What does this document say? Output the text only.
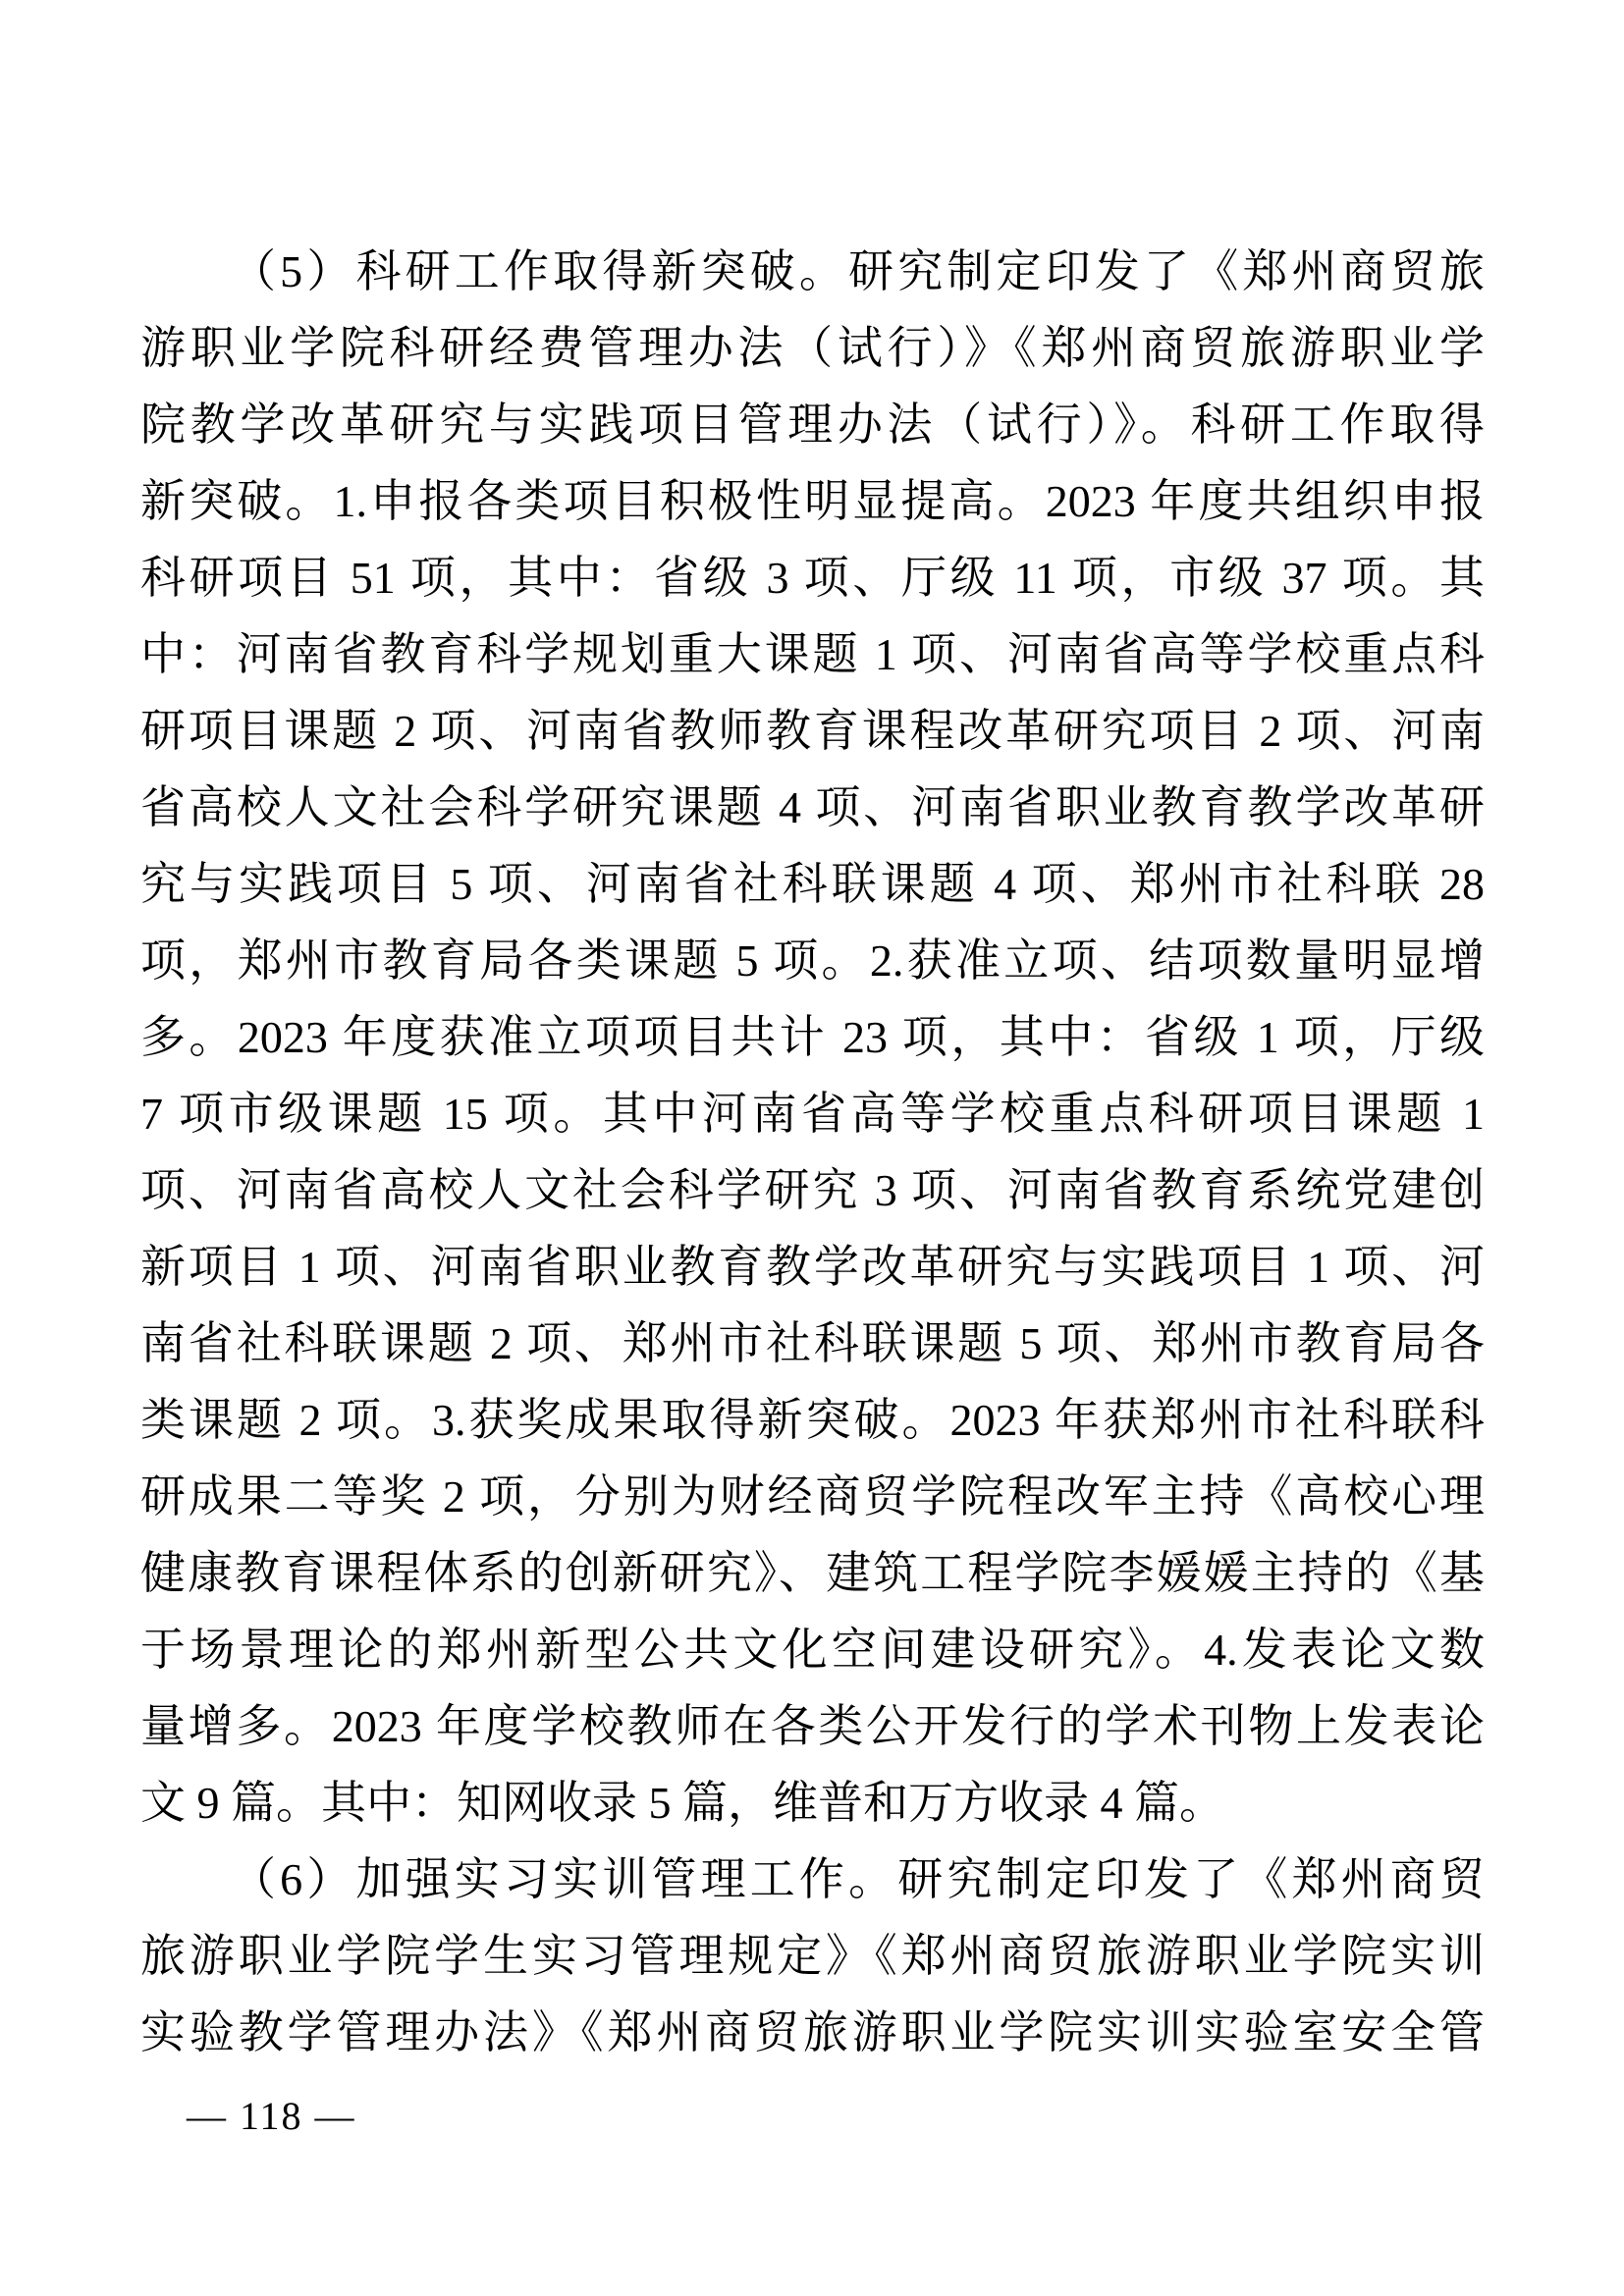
（5）科研工作取得新突破。研究制定印发了《郑州商贸旅

游职业学院科研经费管理办法（试行）》《郑州商贸旅游职业学

院教学改革研究与实践项目管理办法（试行）》。科研工作取得

新突破。1.申报各类项目积极性明显提高。2023 年度共组织申报

科研项目 51 项，其中：省级 3 项、厅级 11 项，市级 37 项。其

中：河南省教育科学规划重大课题 1 项、河南省高等学校重点科

研项目课题 2 项、河南省教师教育课程改革研究项目 2 项、河南

省高校人文社会科学研究课题 4 项、河南省职业教育教学改革研

究与实践项目 5 项、河南省社科联课题 4 项、郑州市社科联 28

项，郑州市教育局各类课题 5 项。2.获准立项、结项数量明显增

多。2023 年度获准立项项目共计 23 项，其中：省级 1 项，厅级

7 项市级课题 15 项。其中河南省高等学校重点科研项目课题 1

项、河南省高校人文社会科学研究 3 项、河南省教育系统党建创

新项目 1 项、河南省职业教育教学改革研究与实践项目 1 项、河

南省社科联课题 2 项、郑州市社科联课题 5 项、郑州市教育局各

类课题 2 项。3.获奖成果取得新突破。2023 年获郑州市社科联科

研成果二等奖 2 项，分别为财经商贸学院程改军主持《高校心理

健康教育课程体系的创新研究》、建筑工程学院李媛媛主持的《基

于场景理论的郑州新型公共文化空间建设研究》。4.发表论文数

量增多。2023 年度学校教师在各类公开发行的学术刊物上发表论

文 9 篇。其中：知网收录 5 篇，维普和万方收录 4 篇。

（6）加强实习实训管理工作。研究制定印发了《郑州商贸

旅游职业学院学生实习管理规定》《郑州商贸旅游职业学院实训

实验教学管理办法》《郑州商贸旅游职业学院实训实验室安全管

— 118 —
